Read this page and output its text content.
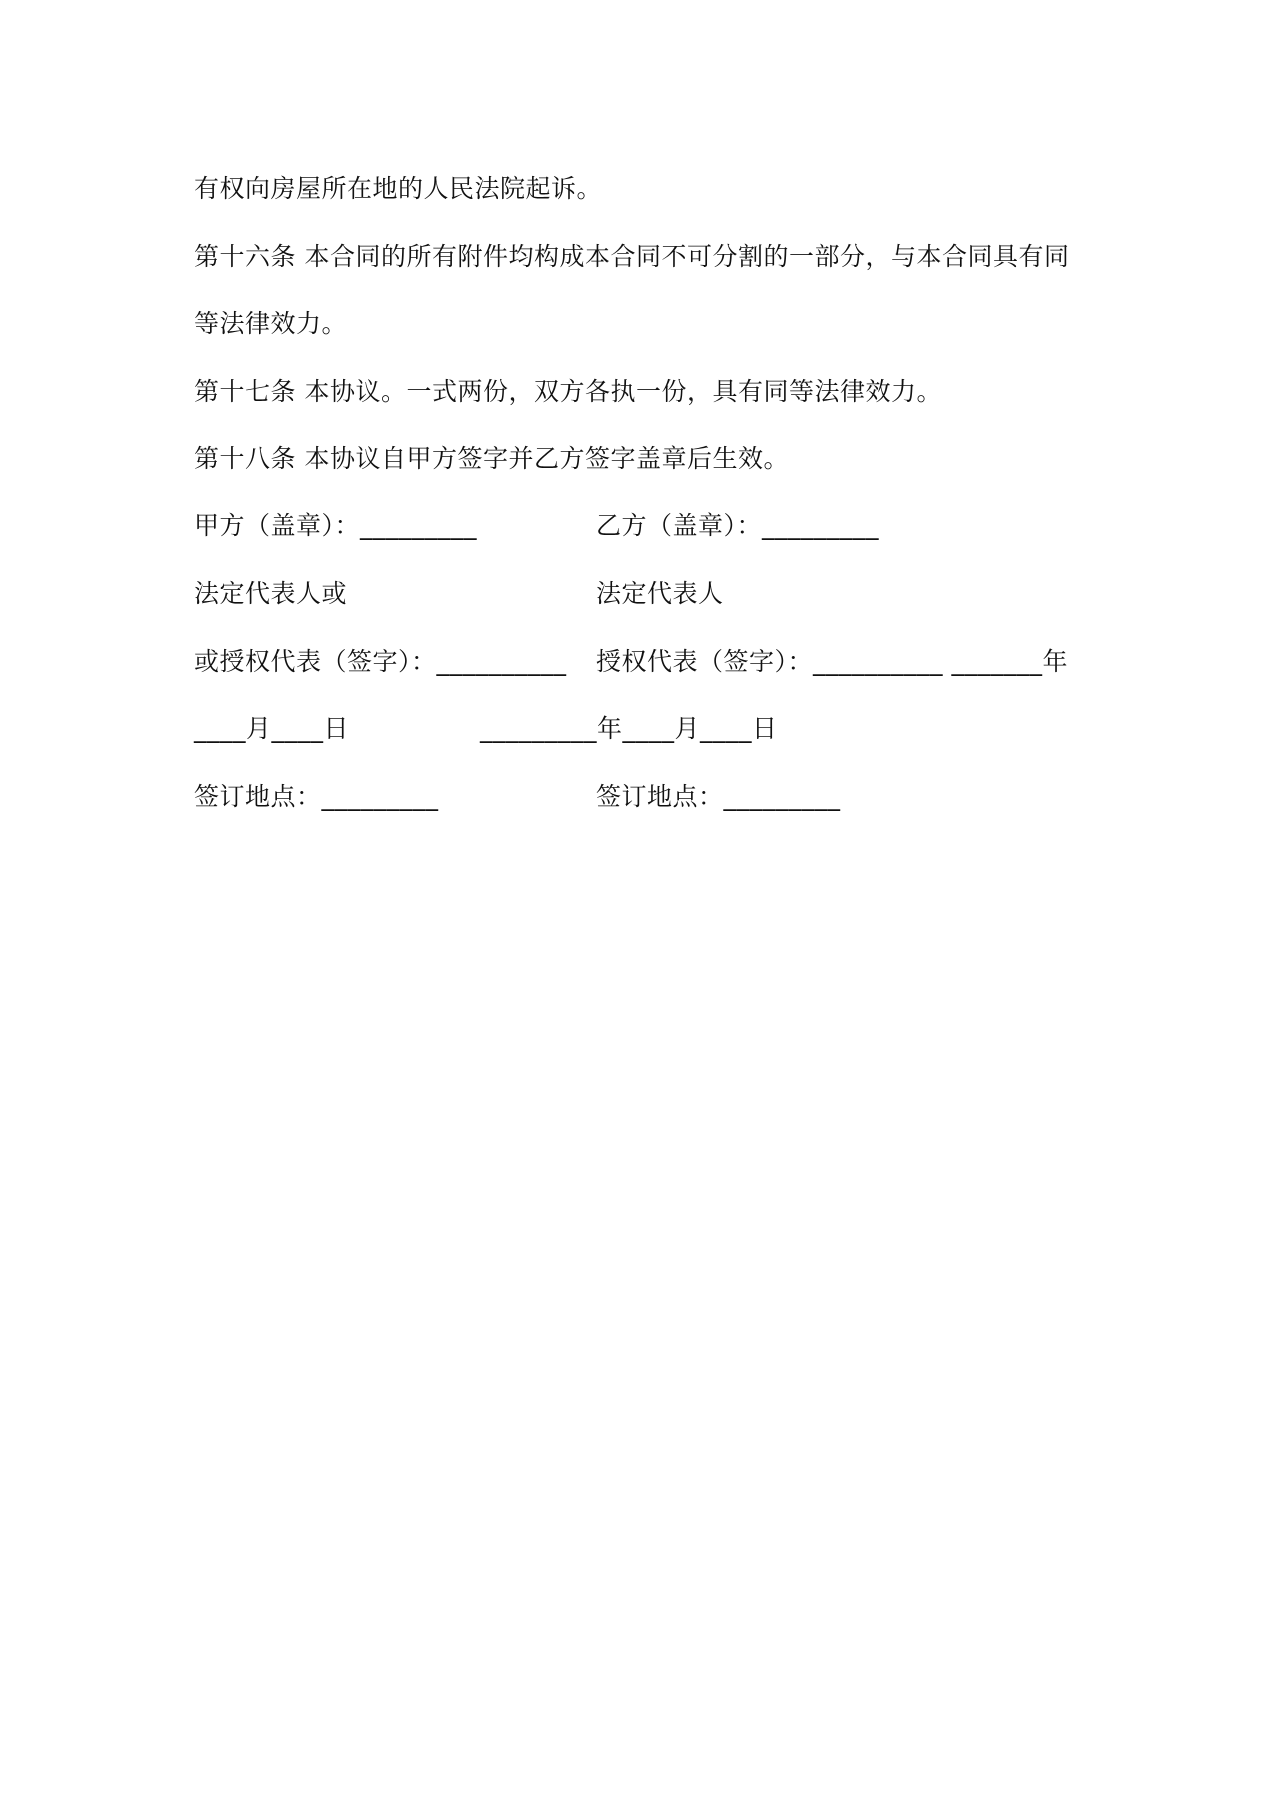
有权向房屋所在地的人民法院起诉。
第十六条 本合同的所有附件均构成本合同不可分割的一部分，与本合同具有同
等法律效力。
第十七条 本协议。一式两份，双方各执一份，具有同等法律效力。
第十八条 本协议自甲方签字并乙方签字盖章后生效。
甲方（盖章）：_________	乙方（盖章）：_________
法定代表人或	法定代表人
或授权代表（签字）：__________ 授权代表（签字）：__________ _______年
____月____日	_________年____月____日
签订地点：_________	签订地点：_________
